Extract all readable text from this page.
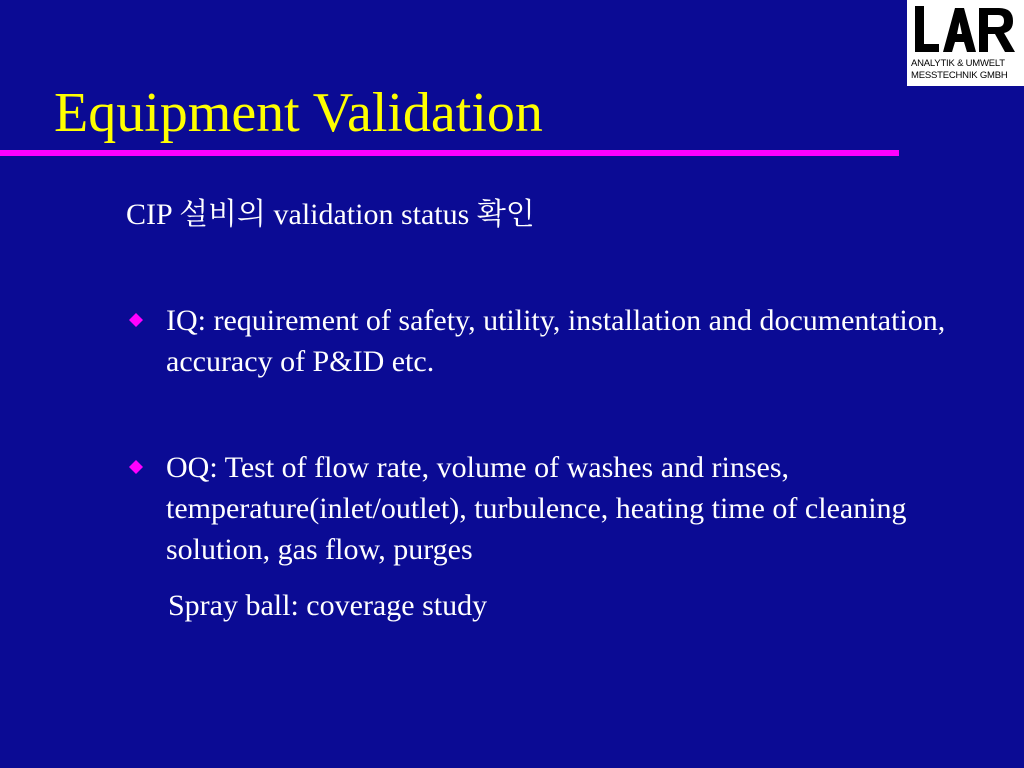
Equipment Validation
ANALYTIK & UMWELT
MESSTECHNIK GMBH
CIP 설비의 validation status 확인
IQ: requirement of safety, utility, installation and documentation, accuracy of P&ID etc.
OQ: Test of flow rate, volume of washes and rinses, temperature(inlet/outlet), turbulence, heating time of cleaning solution, gas flow, purges
Spray ball: coverage study
